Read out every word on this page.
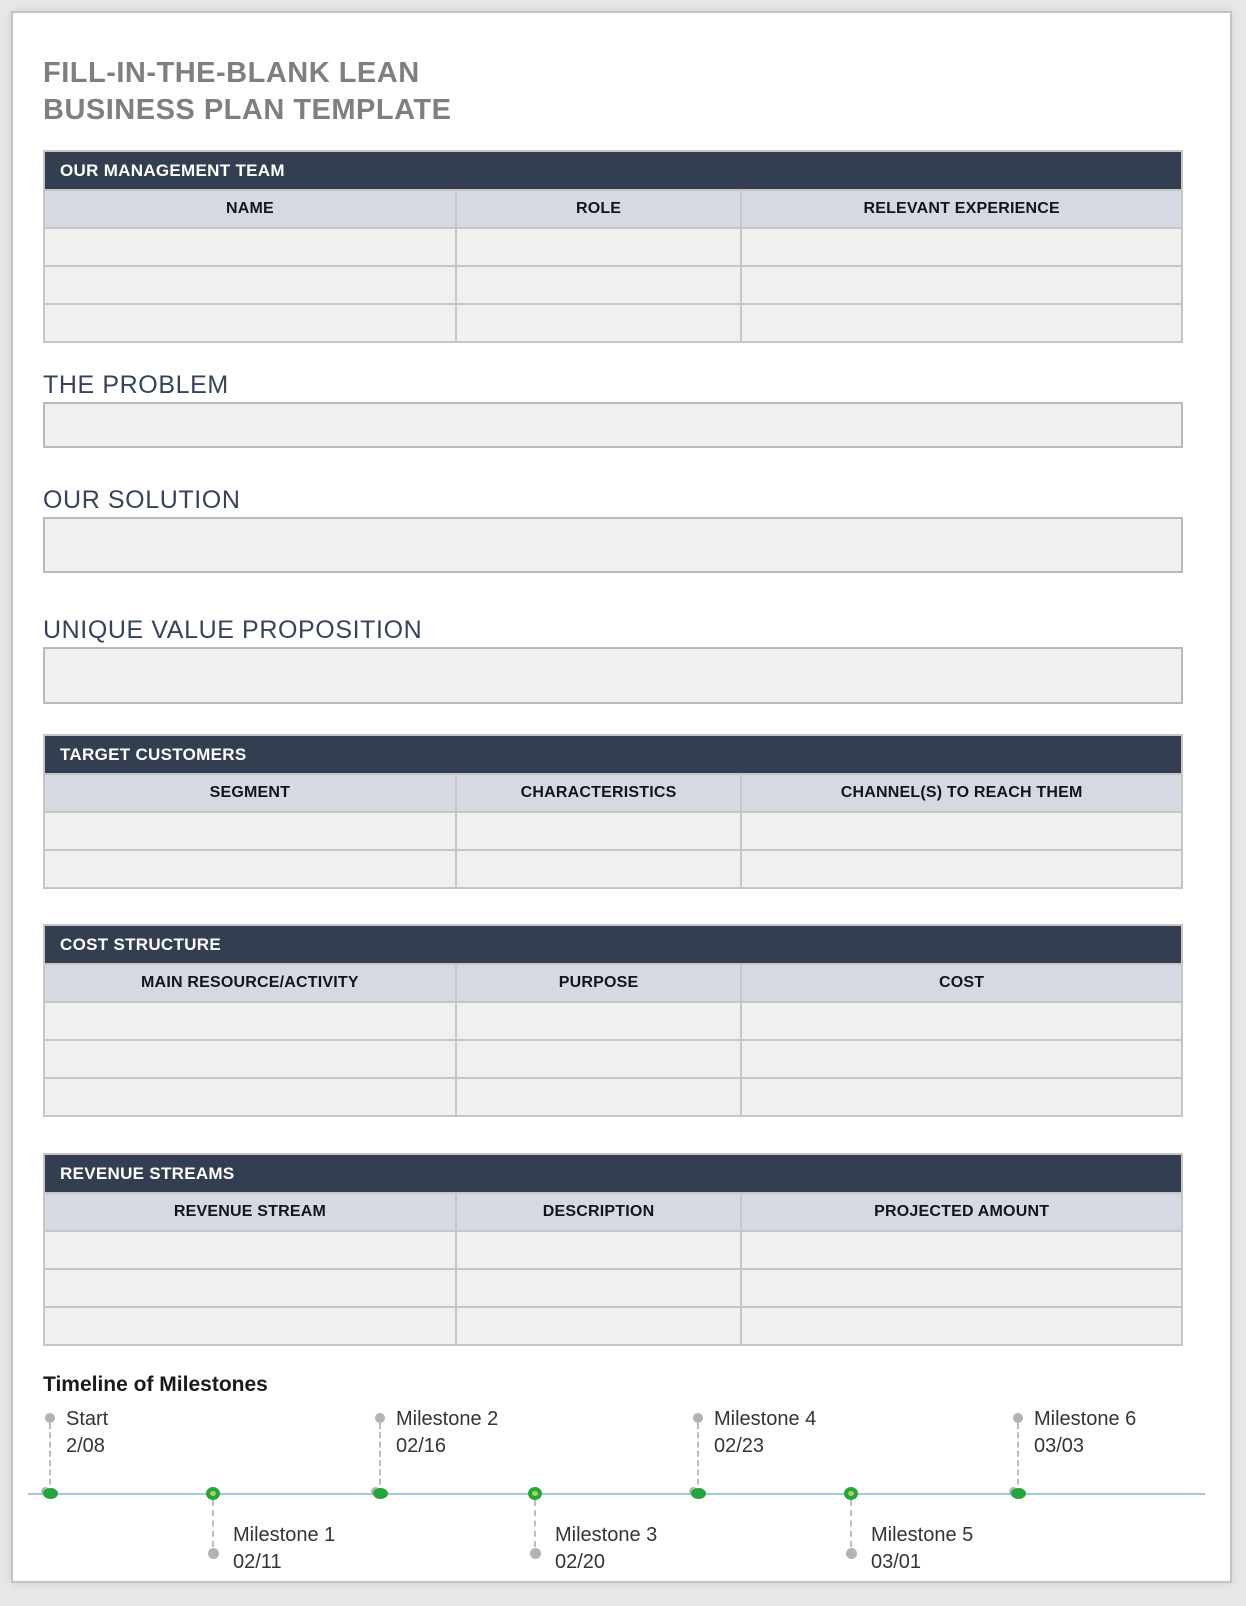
FILL-IN-THE-BLANK LEAN
BUSINESS PLAN TEMPLATE
OUR MANAGEMENT TEAM
NAME	ROLE	RELEVANT EXPERIENCE
THE PROBLEM
OUR SOLUTION
UNIQUE VALUE PROPOSITION
TARGET CUSTOMERS
SEGMENT	CHARACTERISTICS	CHANNEL(S) TO REACH THEM
COST STRUCTURE
MAIN RESOURCE/ACTIVITY	PURPOSE	COST
REVENUE STREAMS
REVENUE STREAM	DESCRIPTION	PROJECTED AMOUNT
Timeline of Milestones
Start
2/08
Milestone 1
02/11
Milestone 2
02/16
Milestone 3
02/20
Milestone 4
02/23
Milestone 5
03/01
Milestone 6
03/03
